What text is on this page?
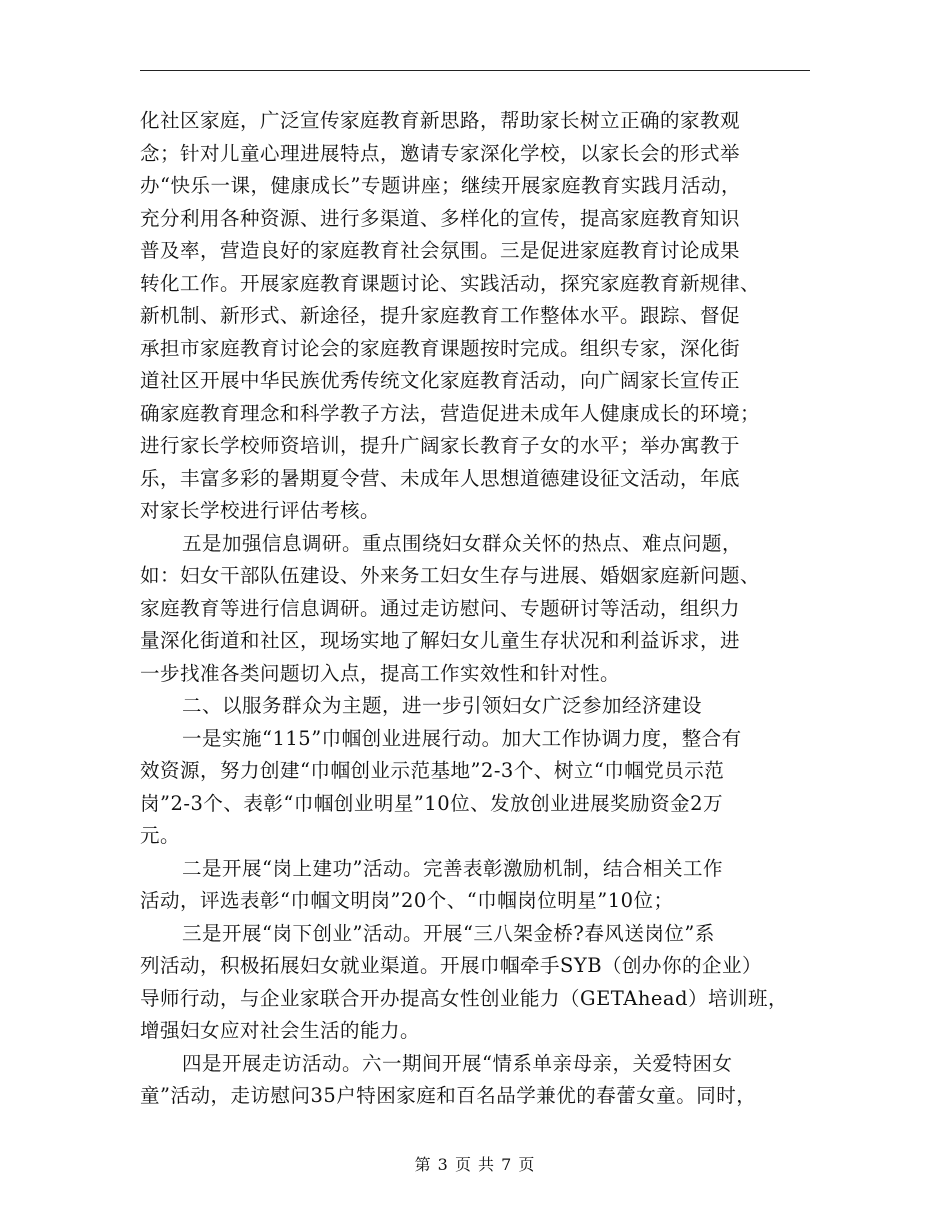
化社区家庭，广泛宣传家庭教育新思路，帮助家长树立正确的家教观
念；针对儿童心理进展特点，邀请专家深化学校，以家长会的形式举
办“快乐一课，健康成长”专题讲座；继续开展家庭教育实践月活动，
充分利用各种资源、进行多渠道、多样化的宣传，提高家庭教育知识
普及率，营造良好的家庭教育社会氛围。三是促进家庭教育讨论成果
转化工作。开展家庭教育课题讨论、实践活动，探究家庭教育新规律、
新机制、新形式、新途径，提升家庭教育工作整体水平。跟踪、督促
承担市家庭教育讨论会的家庭教育课题按时完成。组织专家，深化街
道社区开展中华民族优秀传统文化家庭教育活动，向广阔家长宣传正
确家庭教育理念和科学教子方法，营造促进未成年人健康成长的环境；
进行家长学校师资培训，提升广阔家长教育子女的水平；举办寓教于
乐，丰富多彩的暑期夏令营、未成年人思想道德建设征文活动，年底
对家长学校进行评估考核。
五是加强信息调研。重点围绕妇女群众关怀的热点、难点问题，
如：妇女干部队伍建设、外来务工妇女生存与进展、婚姻家庭新问题、
家庭教育等进行信息调研。通过走访慰问、专题研讨等活动，组织力
量深化街道和社区，现场实地了解妇女儿童生存状况和利益诉求，进
一步找准各类问题切入点，提高工作实效性和针对性。
二、以服务群众为主题，进一步引领妇女广泛参加经济建设
一是实施“115”巾帼创业进展行动。加大工作协调力度，整合有
效资源，努力创建“巾帼创业示范基地”2-3个、树立“巾帼党员示范
岗”2-3个、表彰“巾帼创业明星”10位、发放创业进展奖励资金2万
元。
二是开展“岗上建功”活动。完善表彰激励机制，结合相关工作
活动，评选表彰“巾帼文明岗”20个、“巾帼岗位明星”10位；
三是开展“岗下创业”活动。开展“三八架金桥?春风送岗位”系
列活动，积极拓展妇女就业渠道。开展巾帼牵手SYB（创办你的企业）
导师行动，与企业家联合开办提高女性创业能力（GETAhead）培训班，
增强妇女应对社会生活的能力。
四是开展走访活动。六一期间开展“情系单亲母亲，关爱特困女
童”活动，走访慰问35户特困家庭和百名品学兼优的春蕾女童。同时，
第 3 页 共 7 页
